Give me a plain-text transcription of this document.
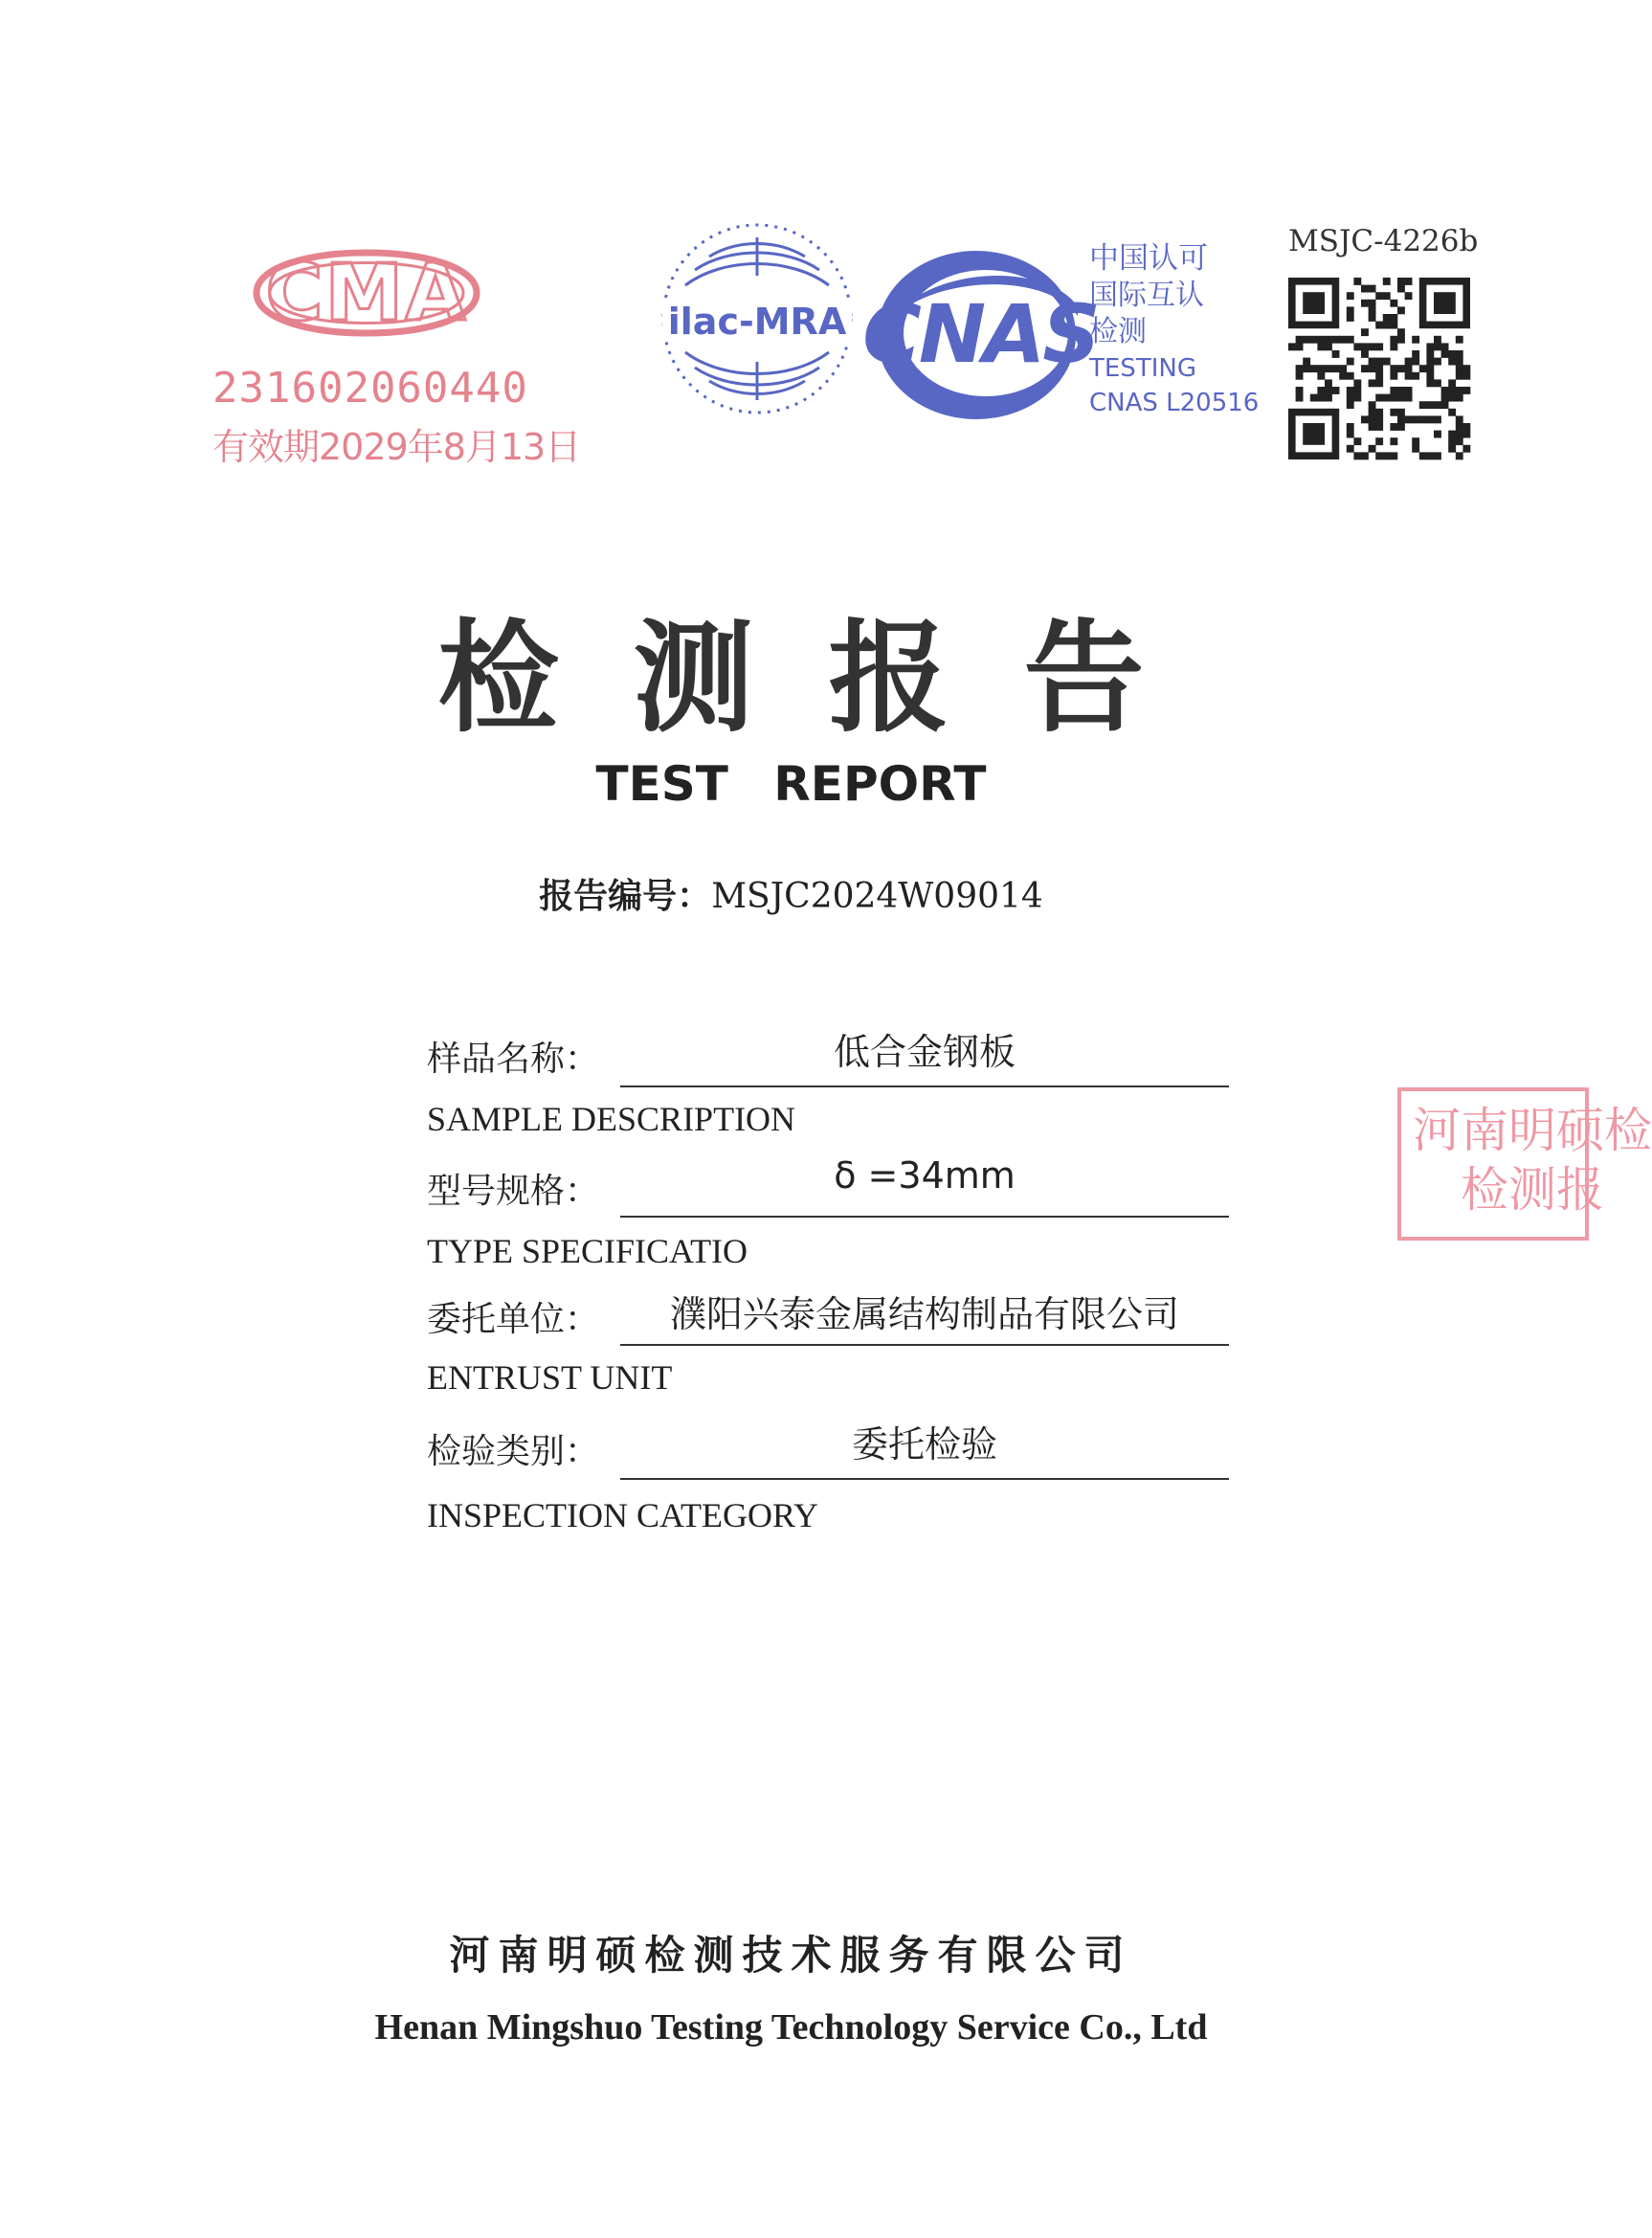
CMA
231602060440
有效期2029年8月13日
ilac-MRA CNAS
中国认可
国际互认
检测
TESTING
CNAS L20516
MSJC-4226b
检测报告
TEST REPORT
报告编号：MSJC2024W09014
样品名称：	低合金钢板
SAMPLE DESCRIPTION
型号规格：	δ =34mm
TYPE SPECIFICATIO
委托单位：	濮阳兴泰金属结构制品有限公司
ENTRUST UNIT
检验类别：	委托检验
INSPECTION CATEGORY
河南明硕检
检测报
河南明硕检测技术服务有限公司
Henan Mingshuo Testing Technology Service Co., Ltd
